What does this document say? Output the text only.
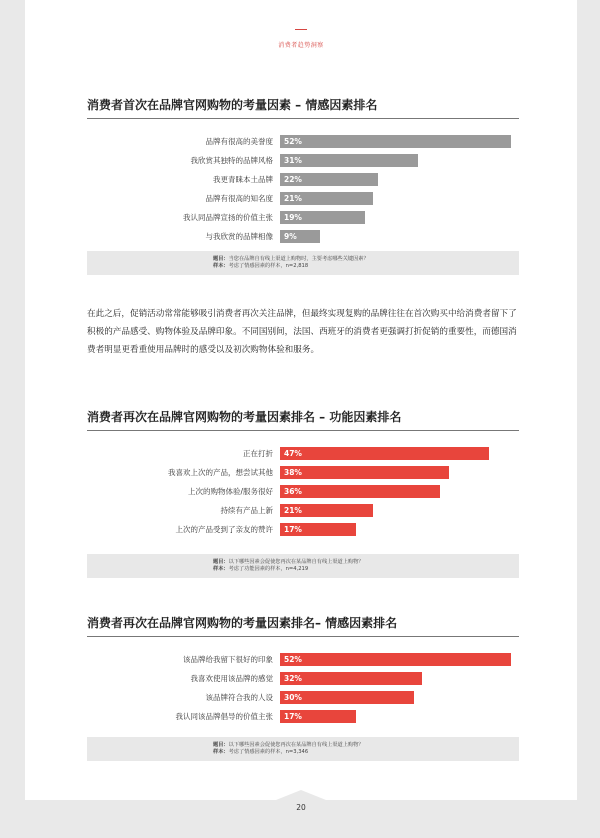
消费者趋势洞察
消费者首次在品牌官网购物的考量因素 – 情感因素排名
品牌有很高的美誉度 52%
我欣赏其独特的品牌风格 31%
我更青睐本土品牌 22%
品牌有很高的知名度 21%
我认同品牌宣扬的价值主张 19%
与我欣赏的品牌相像 9%
题目：当您在品牌自有线上渠道上购物时，主要考虑哪些关键因素？
样本：考虑了情感因素的样本，n=2,818
在此之后，促销活动常常能够吸引消费者再次关注品牌，但最终实现复购的品牌往往在首次购买中给消费者留下了积极的产品感受、购物体验及品牌印象。不同国别间，法国、西班牙的消费者更强调打折促销的重要性，而德国消费者明显更看重使用品牌时的感受以及初次购物体验和服务。
消费者再次在品牌官网购物的考量因素排名 – 功能因素排名
正在打折 47%
我喜欢上次的产品，想尝试其他 38%
上次的购物体验/服务很好 36%
持续有产品上新 21%
上次的产品受到了亲友的赞许 17%
题目：以下哪些因素会促使您再次在某品牌自有线上渠道上购物？
样本：考虑了功能因素的样本，n=4,219
消费者再次在品牌官网购物的考量因素排名– 情感因素排名
该品牌给我留下很好的印象 52%
我喜欢使用该品牌的感觉 32%
该品牌符合我的人设 30%
我认同该品牌倡导的价值主张 17%
题目：以下哪些因素会促使您再次在某品牌自有线上渠道上购物？
样本：考虑了情感因素的样本，n=3,346
20
